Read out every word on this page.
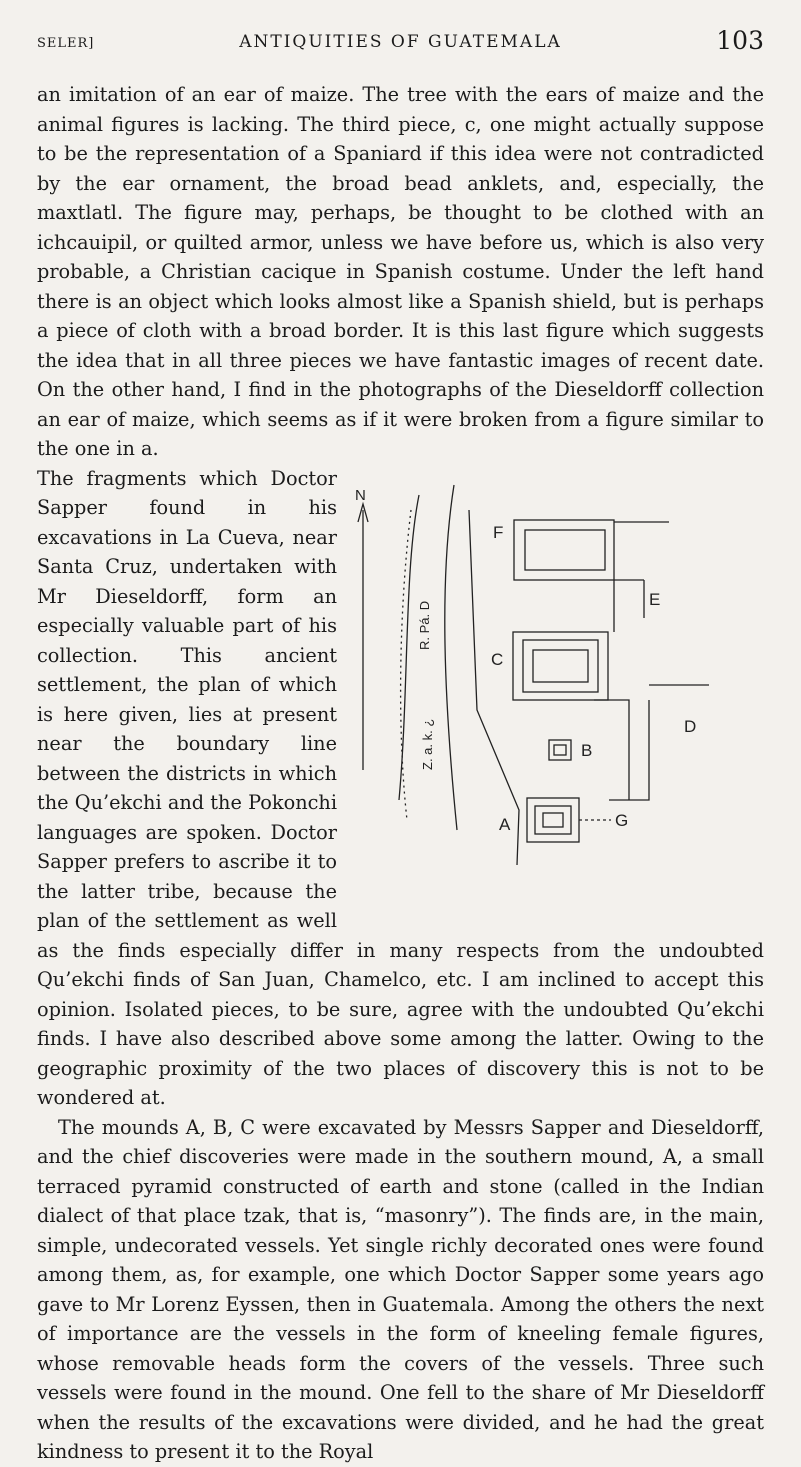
SELER]	ANTIQUITIES OF GUATEMALA	103

an imitation of an ear of maize. The tree with the ears of maize and the animal figures is lacking. The third piece, c, one might actually suppose to be the representation of a Spaniard if this idea were not contradicted by the ear ornament, the broad bead anklets, and, especially, the maxtlatl. The figure may, perhaps, be thought to be clothed with an ichcauipil, or quilted armor, unless we have before us, which is also very probable, a Christian cacique in Spanish costume. Under the left hand there is an object which looks almost like a Spanish shield, but is perhaps a piece of cloth with a broad border. It is this last figure which suggests the idea that in all three pieces we have fantastic images of recent date. On the other hand, I find in the photographs of the Dieseldorff collection an ear of maize, which seems as if it were broken from a figure similar to the one in a.

N
F
E
C
D
B
A	G
R. Pá. D
Z. a. k. ¿

The fragments which Doctor Sapper found in his excavations in La Cueva, near Santa Cruz, undertaken with Mr Dieseldorff, form an especially valuable part of his collection. This ancient settlement, the plan of which is here given, lies at present near the boundary line between the districts in which the Qu’ekchi and the Pokonchi languages are spoken. Doctor Sapper prefers to ascribe it to the latter tribe, because the plan of the settlement as well as the finds especially differ in many respects from the undoubted Qu’ekchi finds of San Juan, Chamelco, etc. I am inclined to accept this opinion. Isolated pieces, to be sure, agree with the undoubted Qu’ekchi finds. I have also described above some among the latter. Owing to the geographic proximity of the two places of discovery this is not to be wondered at.

The mounds A, B, C were excavated by Messrs Sapper and Dieseldorff, and the chief discoveries were made in the southern mound, A, a small terraced pyramid constructed of earth and stone (called in the Indian dialect of that place tzak, that is, “masonry”). The finds are, in the main, simple, undecorated vessels. Yet single richly decorated ones were found among them, as, for example, one which Doctor Sapper some years ago gave to Mr Lorenz Eyssen, then in Guatemala. Among the others the next of importance are the vessels in the form of kneeling female figures, whose removable heads form the covers of the vessels. Three such vessels were found in the mound. One fell to the share of Mr Dieseldorff when the results of the excavations were divided, and he had the great kindness to present it to the Royal
